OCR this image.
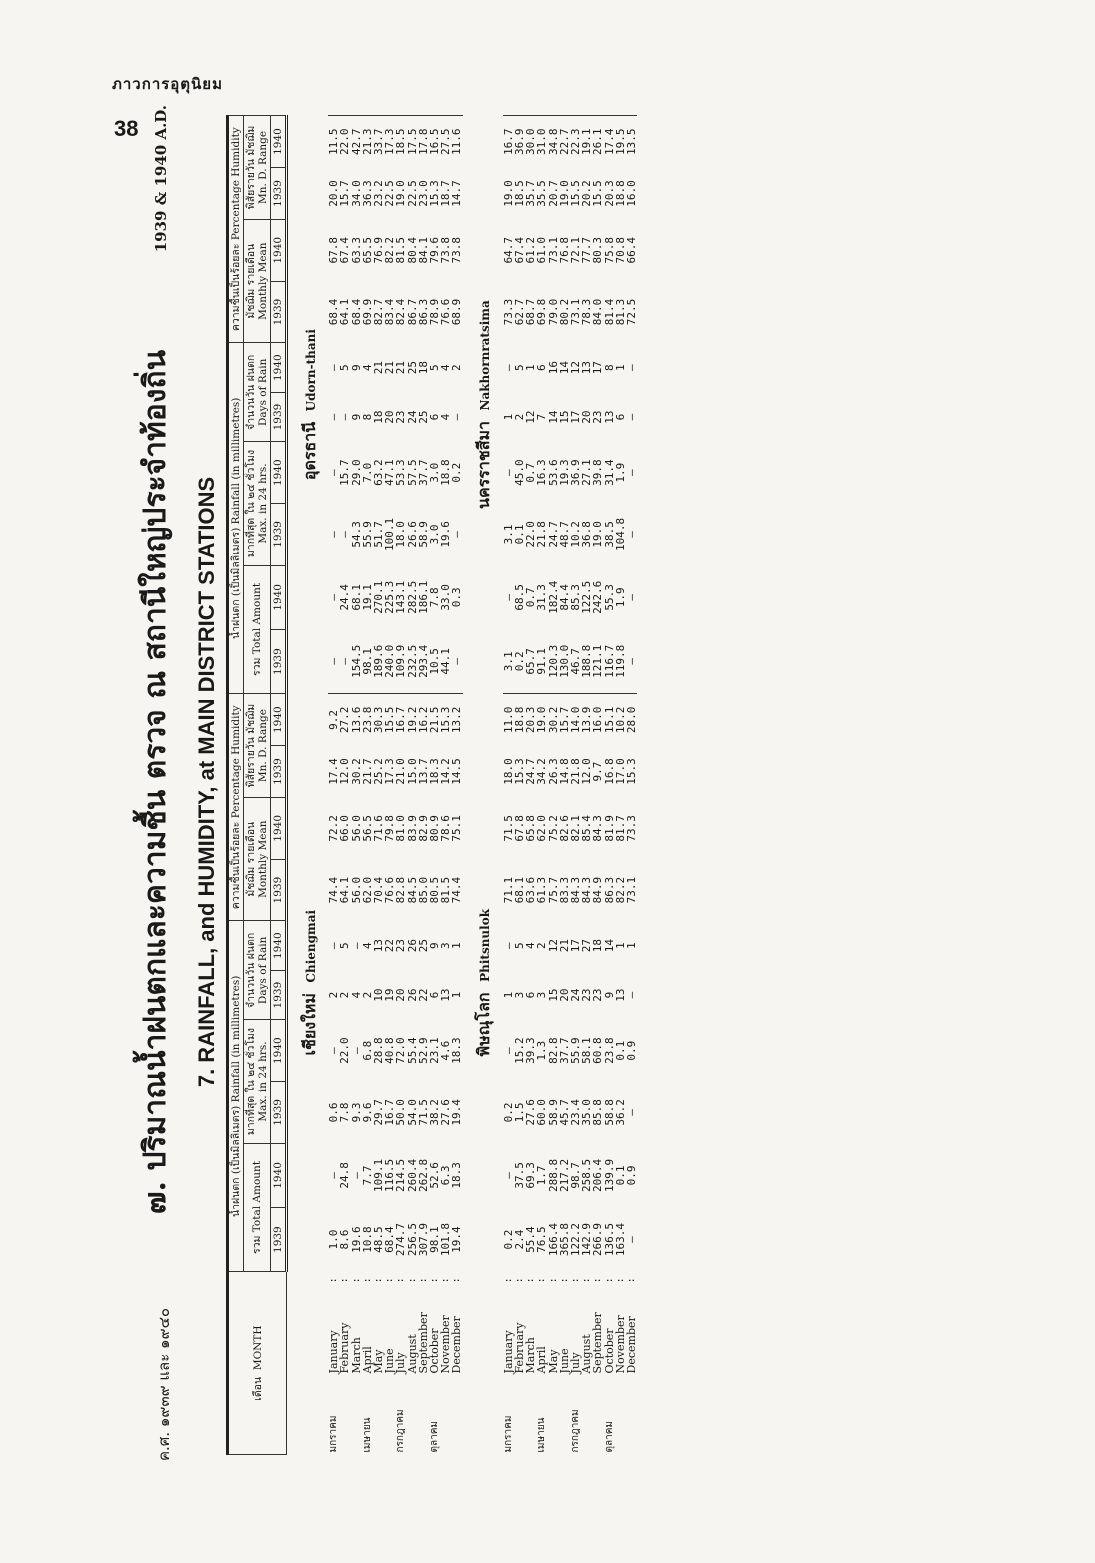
ภาวการอุตุนิยม
38
ค.ศ. ๑๙๓๙ และ ๑๙๔๐
1939 & 1940 A.D.
๗. ปริมาณน้ำฝนตกและความชื้น ตรวจ ณ สถานีใหญ่ประจำท้องถิ่น 7. RAINFALL, and HUMIDITY, at MAIN DISTRICT STATIONS
เดือน  MONTH			น้ำฝนตก (เป็นมิลลิเมตร) Rainfall (in millimetres)						ความชื้นเป็นร้อยละ Percentage Humidity				น้ำฝนตก (เป็นมิลลิเมตร) Rainfall (in millimetres)						ความชื้นเป็นร้อยละ Percentage Humidity			
			รวม Total Amount		มากที่สุด ใน ๒๔ ชั่วโมง Max. in 24 hrs.		จำนวนวัน ฝนตก Days of Rain		มัชฌิม รายเดือน Monthly Mean		พิสัยรายวัน มัชฌิม Mn. D. Range		รวม Total Amount		มากที่สุด ใน ๒๔ ชั่วโมง Max. in 24 hrs.		จำนวนวัน ฝนตก Days of Rain		มัชฌิม รายเดือน Monthly Mean		พิสัยรายวัน มัชฌิม Mn. D. Range	
			1939	1940	1939	1940	1939	1940	1939	1940	1939	1940	1939	1940	1939	1940	1939	1940	1939	1940	1939	1940
			เชียงใหม่   Chiengmai										อุดรธานี   Udorn-thani									
มกราคม	January	:	1.0	—	0.6	—	2	—	74.4	72.2	17.4	9.2	—	—	—	—	—	—	68.4	67.8	20.0	11.5
	February	:	8.6	24.8	7.8	22.0	2	5	64.1	66.0	12.0	27.2	—	24.4	—	15.7	—	5	64.1	67.4	15.7	22.0
	March	:	19.6	—	9.3	—	4	—	56.0	56.0	30.2	13.6	154.5	68.1	54.3	29.0	9	9	68.4	63.3	34.0	42.7
เมษายน	April	:	10.8	7.7	9.6	6.8	2	4	62.0	56.5	21.7	23.8	98.1	19.1	55.9	7.0	8	4	69.9	65.5	36.3	21.3
	May	:	48.5	109.1	29.7	28.8	10	13	70.4	71.6	25.2	30.3	189.6	270.1	51.7	63.2	18	21	82.7	76.9	23.2	33.7
	June	:	68.4	116.5	16.7	40.8	19	22	76.6	79.8	17.3	15.5	240.0	225.3	100.1	47.1	20	21	83.4	82.2	22.5	17.3
กรกฎาคม	July	:	274.7	214.5	50.0	72.0	20	23	82.8	81.0	21.0	16.7	109.9	143.1	18.0	53.3	23	21	82.4	81.5	19.0	18.5
	August	:	256.5	260.4	54.0	55.4	26	26	84.5	83.9	15.0	19.2	232.5	282.5	26.6	57.5	24	25	86.7	80.4	22.5	17.5
	September	:	307.9	262.8	71.5	52.9	22	25	85.0	82.9	13.7	16.2	293.4	186.1	58.9	37.7	25	18	86.3	84.1	23.0	17.8
ตุลาคม	October	:	98.1	52.6	38.2	23.1	6	9	80.5	80.9	18.3	21.5	10.5	7.8	3.0	3.0	6	5	78.9	79.6	15.3	16.5
	November	:	101.8	6.3	27.6	4.6	13	3	81.5	78.6	14.2	15.3	44.1	33.0	19.6	18.8	4	4	76.6	73.8	18.7	27.5
	December	:	19.4	18.3	19.4	18.3	1	1	74.4	75.1	14.5	13.2	—	0.3	—	0.2	—	2	68.9	73.8	14.7	11.6
			พิษณุโลก   Phitsnulok										นครราชสีมา   Nakhornratsima									
มกราคม	January	:	0.2	—	0.2	—	1	—	71.1	71.5	18.0	11.0	3.1	—	3.1	—	1	—	73.3	64.7	19.0	16.7
	February	:	2.4	37.5	1.5	15.2	3	5	68.1	67.8	15.3	18.8	0.2	68.5	0.1	45.0	2	5	62.7	67.4	18.5	36.9
	March	:	55.4	69.3	27.6	39.3	6	4	63.6	65.8	24.7	20.3	65.7	0.7	22.0	0.7	12	1	68.7	61.2	35.7	30.0
เมษายน	April	:	76.5	1.7	60.0	1.3	3	2	61.3	62.0	34.2	19.0	91.1	31.3	21.8	16.3	7	6	69.8	61.0	35.5	31.0
	May	:	166.4	288.8	58.9	82.8	15	12	75.7	75.2	26.3	30.2	120.3	182.4	24.7	53.6	14	16	79.0	73.1	20.7	34.8
	June	:	365.8	217.2	45.7	37.7	20	21	83.3	82.6	14.8	15.7	130.0	84.4	48.7	19.3	15	14	80.2	76.8	19.0	22.7
กรกฎาคม	July	:	122.2	98.7	23.4	55.9	24	17	84.3	82.1	21.8	14.0	46.7	85.3	10.2	36.9	17	12	73.1	72.1	15.5	22.3
	August	:	142.9	258.5	35.0	58.1	23	27	84.3	85.4	12.0	13.9	188.8	122.5	36.8	27.1	20	13	78.3	77.7	20.2	19.1
	September	:	266.9	206.4	85.8	60.8	23	18	84.9	84.3	9.7	16.0	121.1	242.6	19.0	39.8	23	17	84.0	80.3	15.5	26.1
ตุลาคม	October	:	136.5	139.9	58.8	23.8	9	14	86.3	81.9	16.8	15.1	116.7	55.3	38.5	31.4	13	8	81.4	75.8	20.3	17.4
	November	:	163.4	0.1	36.2	0.1	13	1	82.2	81.7	17.0	10.2	119.8	1.9	104.8	1.9	6	1	81.3	70.8	18.8	19.5
	December	:	—	0.9	—	0.9	—	1	73.1	73.3	15.3	28.0	—	—	—	—	—	—	72.5	66.4	16.0	13.5
